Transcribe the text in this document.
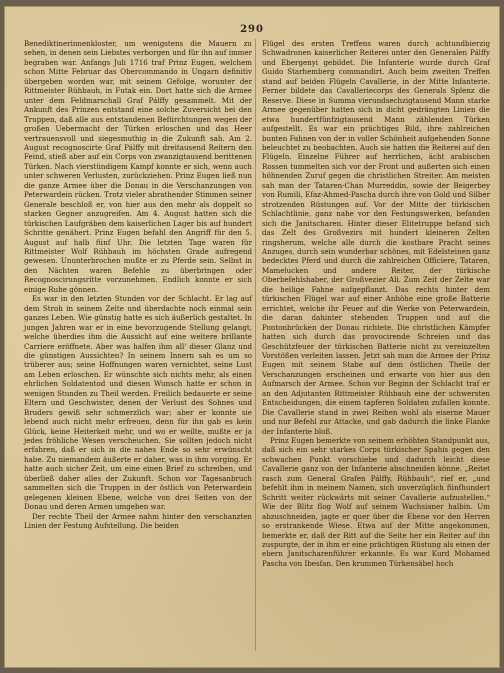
290

Benediktinerinnenkloster, um wenigstens die Mauern zu sehen, in denen sein Liebstes verborgen und für ihn auf immer begraben war. Anfangs Juli 1716 traf Prinz Eugen, welchem schon Mitte Februar das Obercommando in Ungarn definitiv übergeben worden war, mit seinem Gefolge, worunter der Rittmeister Rühbauh, in Futak ein. Dort hatte sich die Armee unter dem Feldmarschall Graf Pálffy gesammelt. Mit der Ankunft des Prinzen entstand eine solche Zuversicht bei den Truppen, daß alle aus entstandenen Befürchtungen wegen der großen Uebermacht der Türken erloschen und das Heer vertrauensvoll und siegesmuthig in die Zukunft sah. Am 2. August recognoscirte Graf Pálffy mit dreitausend Reitern den Feind, stieß aber auf ein Corps von zwanzigtausend berittenen Türken. Nach vierstündigem Kampf konnte er sich, wenn auch unter schweren Verlusten, zurückziehen. Prinz Eugen ließ nun die ganze Armee über die Donau in die Verschanzungen von Peterwardein rücken. Trotz vieler abrathender Stimmen seiner Generale beschloß er, von hier aus den mehr als doppelt so starken Gegner anzugreifen. Am 4. August hatten sich die türkischen Laufgräben dem kaiserlichen Lager bis auf hundert Schritte genähert. Prinz Eugen befahl den Angriff für den 5. August auf halb fünf Uhr. Die letzten Tage waren für Rittmeister Wolf Rühbauh im höchsten Grade aufregend gewesen. Ununterbrochen mußte er zu Pferde sein. Selbst in den Nächten waren Befehle zu überbringen oder Recognoscirungsritte vorzunehmen. Endlich konnte er sich einige Ruhe gönnen.

Es war in den letzten Stunden vor der Schlacht. Er lag auf dem Stroh in seinem Zelte und überdachte noch einmal sein ganzes Leben. Wie günstig hatte es sich äußerlich gestaltet. In jungen Jahren war er in eine bevorzugende Stellung gelangt, welche überdies ihm die Aussicht auf eine weitere brillante Carriere eröffnete. Aber was halfen ihm all' dieser Glanz und die günstigen Aussichten? In seinem Innern sah es um so trüberer aus; seine Hoffnungen waren vernichtet, seine Lust am Leben erloschen. Er wünschte sich nichts mehr, als einen ehrlichen Soldatentod und diesen Wunsch hatte er schon in wenigen Stunden zu Theil werden. Freilich bedauerte er seine Eltern und Geschwister, denen der Verlust des Sohnes und Bruders gewiß sehr schmerzlich war; aber er konnte sie lebend auch nicht mehr erfreuen, denn für ihn gab es kein Glück, keine Heiterkeit mehr, und wo er weilte, mußte er ja jedes fröhliche Wesen verscheuchen. Sie sollten jedoch nicht erfahren, daß er sich in die nahes Ende so sehr erwünscht habe. Zu niemandem äußerte er daher, was in ihm vorging. Er hatte auch sicher Zeit, um eine einen Brief zu schreiben, und überließ daher alles der Zukunft. Schon vor Tagesanbruch sammelten sich die Truppen in der östlich von Peterwardein gelegenen kleinen Ebene, welche von drei Seiten von der Donau und deren Armen umgeben war.

Der rechte Theil der Armee nahm hinter den verschanzten Linien der Festung Aufstellung. Die beiden

Flügel des ersten Treffens waren durch achtundbierzig Schwadronen kaiserlicher Reiterei unter den Generalen Pálffy und Ebergenyi gebildet. Die Infanterie wurde durch Graf Guido Starhemberg commandirt. Auch beim zweiten Treffen stand auf beiden Flügeln Cavallerie, in der Mitte Infanterie. Ferner bildete das Cavalleriecorps des Generals Splenz die Reserve. Diese in Summa vierundsechzigtausend Mann starke Armee gegenüber hatten sich in dicht gedrängten Linien die etwa hundertfünfzigtausend Mann zählenden Türken aufgestellt. Es war ein prächtiges Bild, ihre zahlreichen bunten Fahnen von der in voller Schönheit aufgehenden Sonne beleuchtet zu beobachten. Auch sie hatten die Reiterei auf den Flügeln. Einzelne Führer auf herrlichen, ächt arabischen Rossen tummelten sich vor der Front und außerten sich einen höhnenden Zuruf gegen die christlichen Streiter. Am meisten sah man der Tataren-Chan Murreddin, sowie der Beigerbey von Rumili, Efaz-Ahmed-Pascha durch ihre von Gold und Silber strotzenden Rüstungen auf. Vor der Mitte der türkischen Schlachtlinie, ganz nahe vor den Festungswerken, befanden sich die Janitscharen. Hinter dieser Elitetruppe befand sich das Zelt des Großvezirs mit hundert kleineren Zelten ringsherum, welche alle durch die kostbare Pracht seines Anzuges, durch sein wunderbar schönes, mit Edelsteinen ganz bedecktes Pferd und durch die zahlreichen Officiere, Tataren, Mamelucken und andere Reiter, der türkische Oberbefehlshaber, der Großvezier Ali. Zum Zeit der Zelte war die heilige Fahne aufgepflanzt. Das rechts hinter dem türkischen Flügel war auf einer Anhöhe eine große Batterie errichtet, welche ihr Feuer auf die Werke von Peterwardein, die daran dahinter stehenden Truppen und auf die Pontonbrücken der Donau richtete. Die christlichen Kämpfer hatten sich durch das provocirende Schreien und das Geschützfeuer der türkischen Batterie nicht zu vereinzelten Vorstößen verleiten lassen. Jetzt sah man die Armee der Prinz Eugen mit seinem Stabe auf dem östlichen Theile der Verschanzungen erscheinen und erwarte von hier aus den Aufmarsch der Armee. Schon vor Beginn der Schlacht traf er an den Adjutanten Rittmeister Rühbauh eine der schwersten Entscheidungen, die einem tapferen Soldaten zufallen konnte. Die Cavallerie stand in zwei Reihen wohl als eiserne Mauer und nur Befehl zur Attacke, und gab dadurch die linke Flanke der Infanterie bloß.

Prinz Eugen bemerkte von seinem erhöhten Standpunkt aus, daß sich ein sehr starkes Corps türkischer Spahis gegen den schwachen Punkt vorschiebe und dadurch leicht diese Cavallerie ganz von der Infanterie abschneiden könne. „Reitet rasch zum General Grafen Pálffy, Rühbauh“, rief er, „und befehlt ihm in meinem Namen, sich unverzüglich fünfhundert Schritt weiter rückwärts mit seiner Cavallerie aufzustellen.“ Wie der Blitz flog Wolf auf seinem Wachsianer halbin. Um abzuschneiden, jagte er quer über die Ebene vor den Herren so erstrankende Wiese. Etwa auf der Mitte angekommen, bemerkte er, daß der Ritt auf die Seite her ein Reiter auf ihn zuspurgte, der in ihm er eine prächtigen Rüstung als einen der ebern Janitscharenführer erkannte. Es war Kurd Mohamed Pascha von Ibesfan. Den krummen Türkensäbel hoch
